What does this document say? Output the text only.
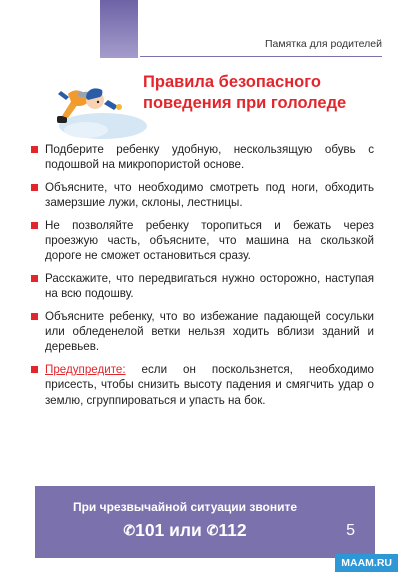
Памятка для родителей
Правила безопасного
поведения при гололеде
Подберите ребенку удобную, нескользящую обувь с подошвой на микропористой основе.
Объясните, что необходимо смотреть под ноги, обходить замерзшие лужи, склоны, лестницы.
Не позволяйте ребенку торопиться и бежать через проезжую часть, объясните, что машина на скользкой дороге не сможет остановиться сразу.
Расскажите, что передвигаться нужно осторожно, наступая на всю подошву.
Объясните ребенку, что во избежание падающей сосульки или обледенелой ветки нельзя ходить вблизи зданий и деревьев.
Предупредите: если он поскользнется, необходимо присесть, чтобы снизить высоту падения и смягчить удар о землю, сгруппироваться и упасть на бок.
При чрезвычайной ситуации звоните
✆101 или ✆112	5
MAAM.RU
